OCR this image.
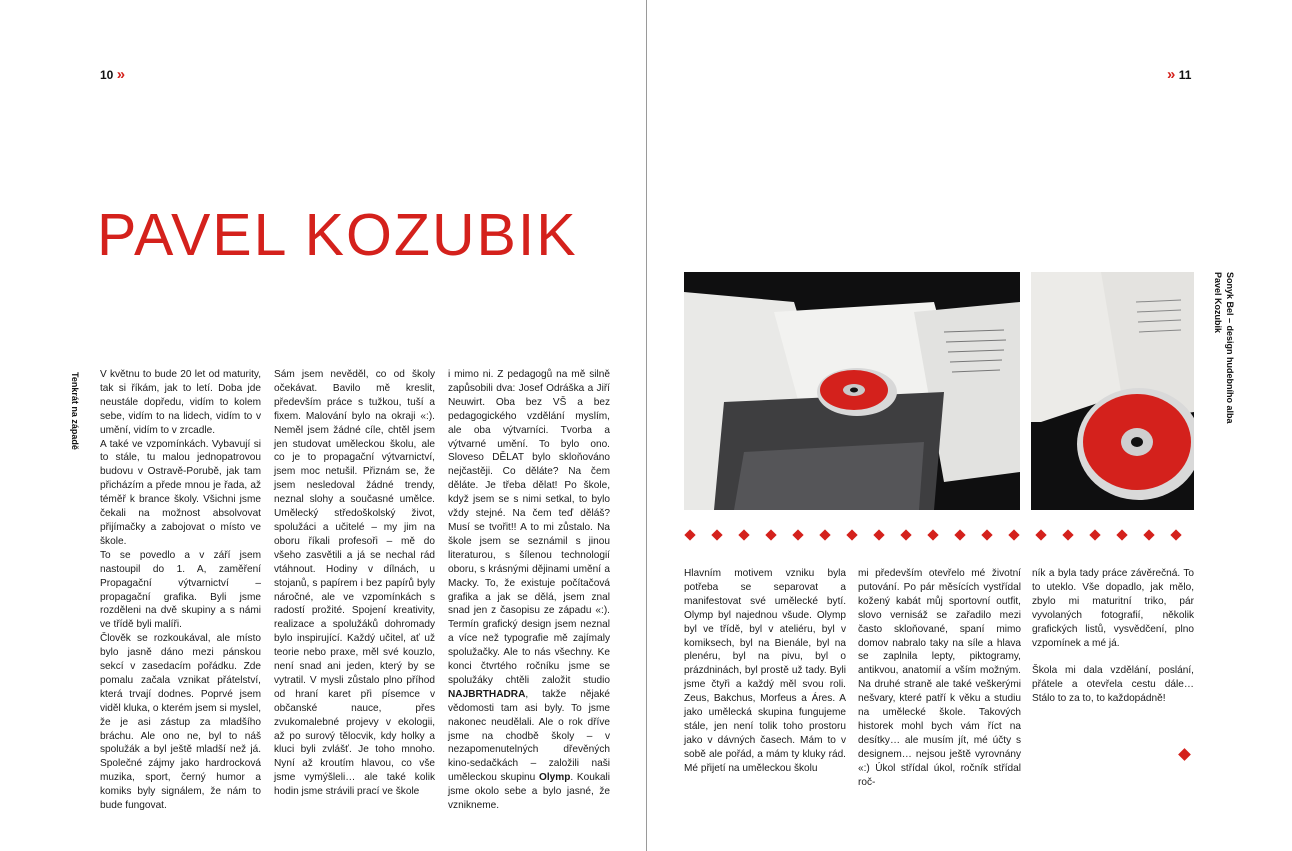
10 »
PAVEL KOZUBIK
Tenkrát na západě V květnu to bude 20 let od maturity, tak si říkám, jak to letí. Doba jde neustále dopředu, vidím to kolem sebe, vidím to na lidech, vidím to v umění, vidím to v zrcadle.

A také ve vzpomínkách. Vybavují si to stále, tu malou jednopatrovou budovu v Ostravě-Porubě, jak tam přicházím a přede mnou je řada, až téměř k brance školy. Všichni jsme čekali na možnost absolvovat přijímačky a zabojovat o místo ve škole.

To se povedlo a v září jsem nastoupil do 1. A, zaměření Propagační výtvarnictví – propagační grafika. Byli jsme rozděleni na dvě skupiny a s námi ve třídě byli malíři.

Člověk se rozkoukával, ale místo bylo jasně dáno mezi pánskou sekcí v zasedacím pořádku. Zde pomalu začala vznikat přátelství, která trvají dodnes. Poprvé jsem viděl kluka, o kterém jsem si myslel, že je asi zástup za mladšího bráchu. Ale ono ne, byl to náš spolužák a byl ještě mladší než já. Společné zájmy jako hardrocková muzika, sport, černý humor a komiks byly signálem, že nám to bude fungovat.

Sám jsem nevěděl, co od školy očekávat. Bavilo mě kreslit, především práce s tužkou, tuší a fixem. Malování bylo na okraji «:). Neměl jsem žádné cíle, chtěl jsem jen studovat uměleckou školu, ale co je to propagační výtvarnictví, jsem moc netušil. Přiznám se, že jsem nesledoval žádné trendy, neznal slohy a současné umělce. Umělecký středoškolský život, spolužáci a učitelé – my jim na oboru říkali profesoři – mě do všeho zasvětili a já se nechal rád vtáhnout. Hodiny v dílnách, u stojanů, s papírem i bez papírů byly náročné, ale ve vzpomínkách s radostí prožité. Spojení kreativity, realizace a spolužáků dohromady bylo inspirující. Každý učitel, ať už teorie nebo praxe, měl své kouzlo, není snad ani jeden, který by se vytratil. V mysli zůstalo plno příhod od hraní karet při písemce v občanské nauce, přes zvukomalebné projevy v ekologii, až po surový tělocvik, kdy holky a kluci byli zvlášť. Je toho mnoho. Nyní až kroutím hlavou, co vše jsme vymýšleli… ale také kolik hodin jsme strávili prací ve škole

i mimo ni. Z pedagogů na mě silně zapůsobili dva: Josef Odráška a Jiří Neuwirt. Oba bez VŠ a bez pedagogického vzdělání myslím, ale oba výtvarníci. Tvorba a výtvarné umění. To bylo ono. Sloveso DĚLAT bylo skloňováno nejčastěji. Co děláte? Na čem děláte. Je třeba dělat! Po škole, když jsem se s nimi setkal, to bylo vždy stejné. Na čem teď děláš? Musí se tvořit!! A to mi zůstalo. Na škole jsem se seznámil s jinou literaturou, s šílenou technologií oboru, s krásnými dějinami umění a Macky. To, že existuje počítačová grafika a jak se dělá, jsem znal snad jen z časopisu ze západu «:). Termín grafický design jsem neznal a více než typografie mě zajímaly spolužačky. Ale to nás všechny. Ke konci čtvrtého ročníku jsme se spolužáky chtěli založit studio NAJBRTHADRA, takže nějaké vědomosti tam asi byly. To jsme nakonec neudělali. Ale o rok dříve jsme na chodbě školy – v nezapomenutelných dřevěných kino-sedačkách – založili naši uměleckou skupinu Olymp. Koukali jsme okolo sebe a bylo jasné, že vznikneme.

» 11
Sonyk Bel – design hudebního alba
Pavel Kozubik

Hlavním motivem vzniku byla potřeba se separovat a manifestovat své umělecké bytí. Olymp byl najednou všude. Olymp byl ve třídě, byl v ateliéru, byl v komiksech, byl na Bienále, byl na plenéru, byl na pivu, byl o prázdninách, byl prostě už tady. Byli jsme čtyři a každý měl svou roli. Zeus, Bakchus, Morfeus a Áres. A jako umělecká skupina fungujeme stále, jen není tolik toho prostoru jako v dávných časech. Mám to v sobě ale pořád, a mám ty kluky rád. Mé přijetí na uměleckou školu

mi především otevřelo mé životní putování. Po pár měsících vystřídal kožený kabát můj sportovní outfit, slovo vernisáž se zařadilo mezi často skloňované, spaní mimo domov nabralo taky na síle a hlava se zaplnila lepty, piktogramy, antikvou, anatomií a vším možným. Na druhé straně ale také veškerými nešvary, které patří k věku a studiu na umělecké škole. Takových historek mohl bych vám říct na desítky… ale musím jít, mé účty s designem… nejsou ještě vyrovnány «:) Úkol střídal úkol, ročník střídal roč-

ník a byla tady práce závěrečná. To to uteklo. Vše dopadlo, jak mělo, zbylo mi maturitní triko, pár vyvolaných fotografií, několik grafických listů, vysvědčení, plno vzpomínek a mé já.

Škola mi dala vzdělání, poslání, přátele a otevřela cestu dále… Stálo to za to, to každopádně!
